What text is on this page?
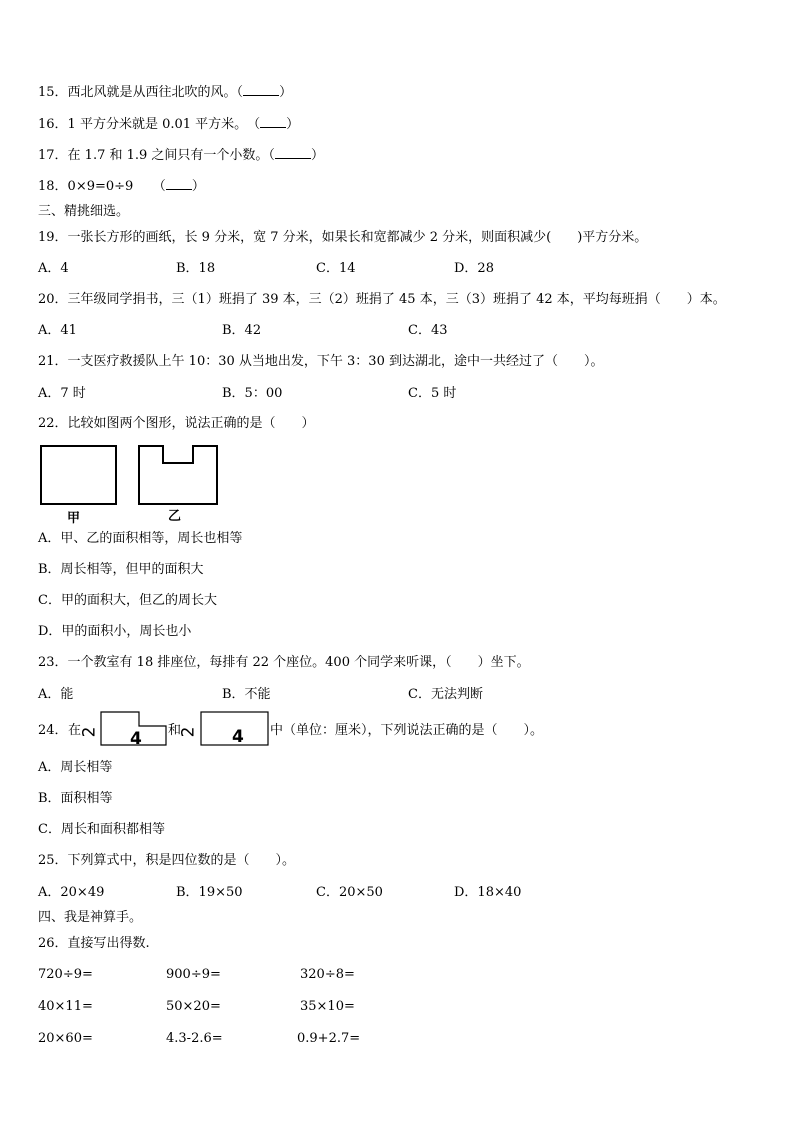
15．西北风就是从西往北吹的风。（	）
16．1 平方分米就是 0.01 平方米。　（ ）
17．在 1.7 和 1.9 之间只有一个小数。（	）
18．0×9=0÷9　　（ ）
三、精挑细选。
19．一张长方形的画纸，长 9 分米，宽 7 分米，如果长和宽都减少 2 分米，则面积减少(　　)平方分米。
A．4	B．18	C．14	D．28
20．三年级同学捐书，三（1）班捐了 39 本，三（2）班捐了 45 本，三（3）班捐了 42 本，平均每班捐（　　）本。
A．41	B．42	C．43
21．一支医疗救援队上午 10：30 从当地出发，下午 3：30 到达湖北，途中一共经过了（　　）。
A．7 时	B．5：00	C．5 时
22．比较如图两个图形，说法正确的是（　　）
甲	乙
A．甲、乙的面积相等，周长也相等
B．周长相等，但甲的面积大
C．甲的面积大，但乙的周长大
D．甲的面积小，周长也小
23．一个教室有 18 排座位，每排有 22 个座位。400 个同学来听课，（　　）坐下。
A．能	B．不能	C．无法判断
24． 在	和	中（单位：厘米），下列说法正确的是（　　）。
2 4 2 4
A．周长相等
B．面积相等
C．周长和面积都相等
25．下列算式中，积是四位数的是（　　）。
A．20×49	B．19×50	C．20×50	D．18×40
四、我是神算手。
26．直接写出得数.
720÷9=	900÷9=	320÷8=
40×11=	50×20=	35×10=
20×60=	4.3-2.6=	0.9+2.7=
